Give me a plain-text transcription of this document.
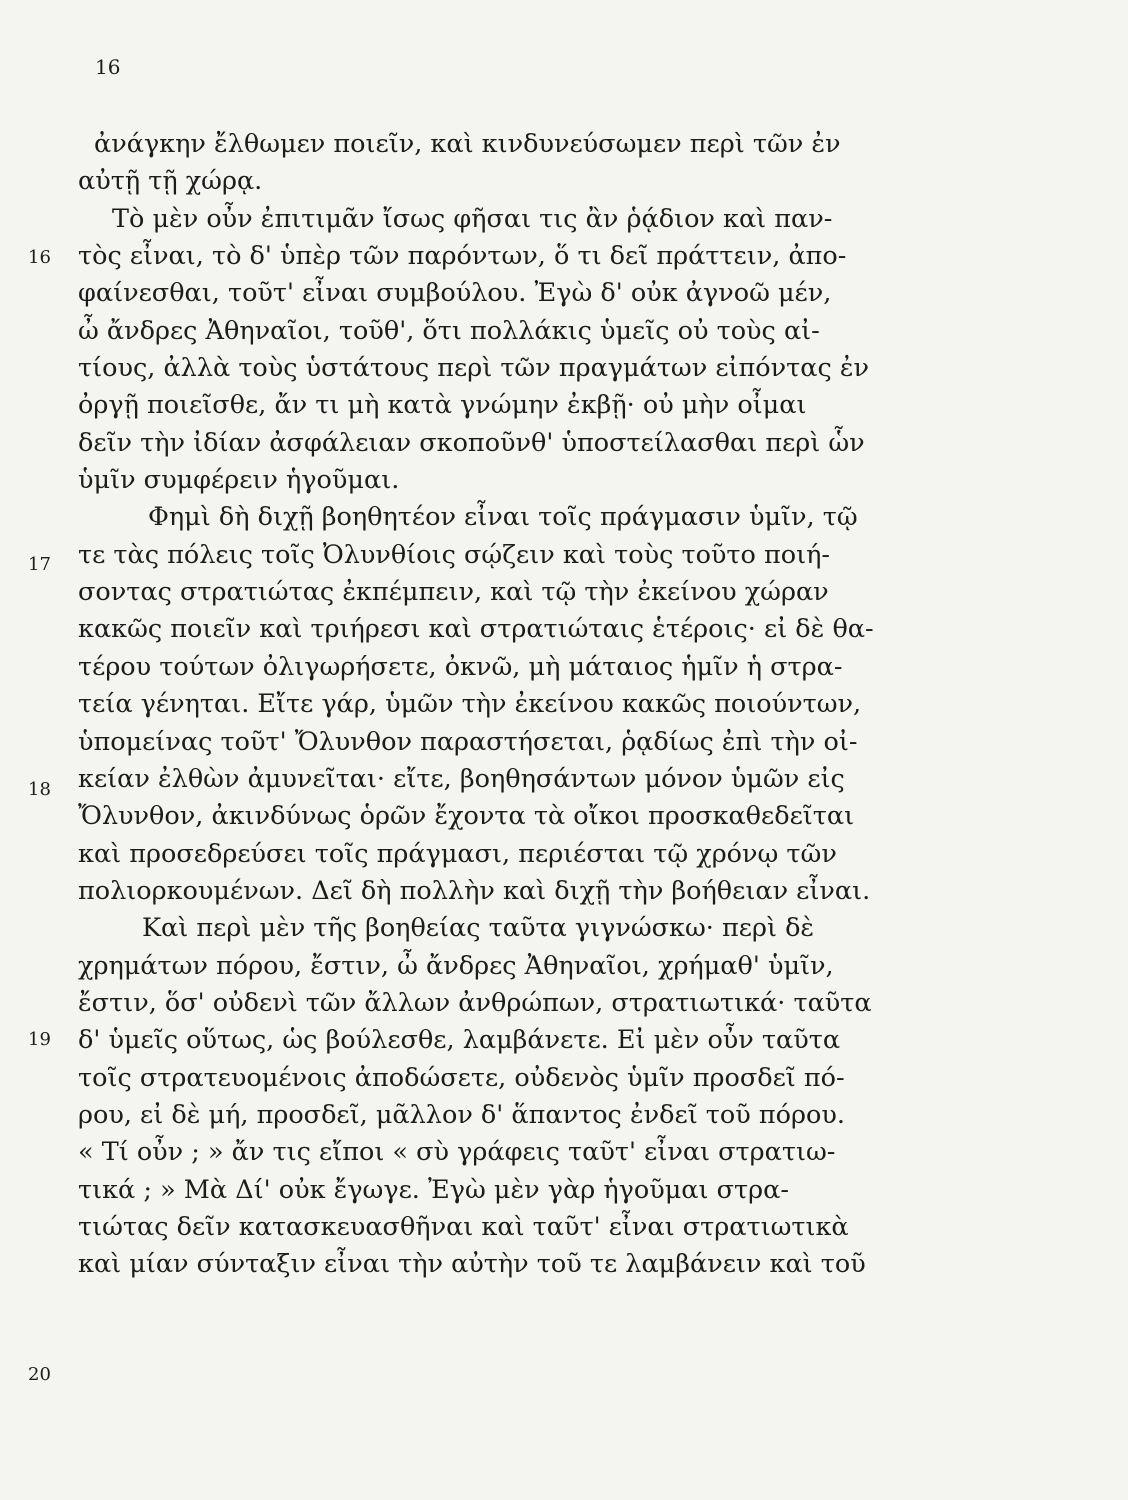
16
16
17
18
19
20
ἀνάγκην ἔλθωμεν ποιεῖν, καὶ κινδυνεύσωμεν περὶ τῶν ἐν
αὐτῇ τῇ χώρᾳ.
Τὸ μὲν οὖν ἐπιτιμᾶν ἴσως φῆσαι τις ἂν ῥᾴδιον καὶ παν-
τὸς εἶναι, τὸ δ' ὑπὲρ τῶν παρόντων, ὅ τι δεῖ πράττειν, ἀπο-
φαίνεσθαι, τοῦτ' εἶναι συμβούλου. Ἐγὼ δ' οὐκ ἀγνοῶ μέν,
ὦ ἄνδρες Ἀθηναῖοι, τοῦθ', ὅτι πολλάκις ὑμεῖς οὐ τοὺς αἰ-
τίους, ἀλλὰ τοὺς ὑστάτους περὶ τῶν πραγμάτων εἰπόντας ἐν
ὀργῇ ποιεῖσθε, ἄν τι μὴ κατὰ γνώμην ἐκβῇ· οὐ μὴν οἶμαι
δεῖν τὴν ἰδίαν ἀσφάλειαν σκοποῦνθ' ὑποστείλασθαι περὶ ὧν
ὑμῖν συμφέρειν ἡγοῦμαι.
Φημὶ δὴ διχῇ βοηθητέον εἶναι τοῖς πράγμασιν ὑμῖν, τῷ
τε τὰς πόλεις τοῖς Ὀλυνθίοις σῴζειν καὶ τοὺς τοῦτο ποιή-
σοντας στρατιώτας ἐκπέμπειν, καὶ τῷ τὴν ἐκείνου χώραν
κακῶς ποιεῖν καὶ τριήρεσι καὶ στρατιώταις ἑτέροις· εἰ δὲ θα-
τέρου τούτων ὀλιγωρήσετε, ὀκνῶ, μὴ μάταιος ἡμῖν ἡ στρα-
τεία γένηται. Εἴτε γάρ, ὑμῶν τὴν ἐκείνου κακῶς ποιούντων,
ὑπομείνας τοῦτ' Ὄλυνθον παραστήσεται, ῥᾳδίως ἐπὶ τὴν οἰ-
κείαν ἐλθὼν ἀμυνεῖται· εἴτε, βοηθησάντων μόνον ὑμῶν εἰς
Ὄλυνθον, ἀκινδύνως ὁρῶν ἔχοντα τὰ οἴκοι προσκαθεδεῖται
καὶ προσεδρεύσει τοῖς πράγμασι, περιέσται τῷ χρόνῳ τῶν
πολιορκουμένων. Δεῖ δὴ πολλὴν καὶ διχῇ τὴν βοήθειαν εἶναι.
Καὶ περὶ μὲν τῆς βοηθείας ταῦτα γιγνώσκω· περὶ δὲ
χρημάτων πόρου, ἔστιν, ὦ ἄνδρες Ἀθηναῖοι, χρήμαθ' ὑμῖν,
ἔστιν, ὅσ' οὐδενὶ τῶν ἄλλων ἀνθρώπων, στρατιωτικά· ταῦτα
δ' ὑμεῖς οὕτως, ὡς βούλεσθε, λαμβάνετε. Εἰ μὲν οὖν ταῦτα
τοῖς στρατευομένοις ἀποδώσετε, οὐδενὸς ὑμῖν προσδεῖ πό-
ρου, εἰ δὲ μή, προσδεῖ, μᾶλλον δ' ἅπαντος ἐνδεῖ τοῦ πόρου.
« Τί οὖν ; » ἄν τις εἴποι « σὺ γράφεις ταῦτ' εἶναι στρατιω-
τικά ; » Μὰ Δί' οὐκ ἔγωγε. Ἐγὼ μὲν γὰρ ἡγοῦμαι στρα-
τιώτας δεῖν κατασκευασθῆναι καὶ ταῦτ' εἶναι στρατιωτικὰ
καὶ μίαν σύνταξιν εἶναι τὴν αὐτὴν τοῦ τε λαμβάνειν καὶ τοῦ
